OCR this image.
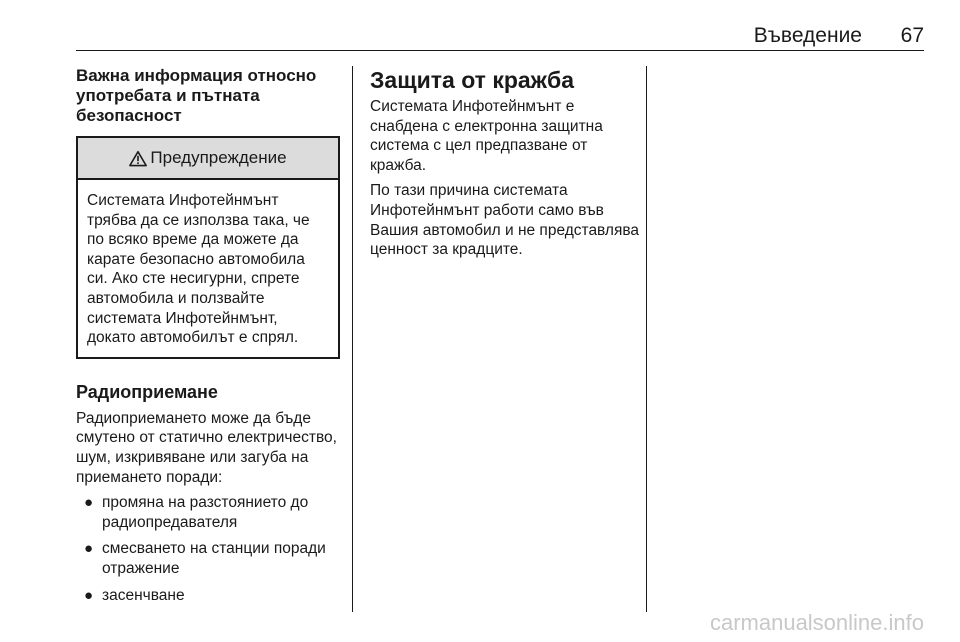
Въведение 67
Важна информация относно употребата и пътната безопасност
Предупреждение
Системата Инфотейнмънт трябва да се използва така, че по всяко време да можете да карате безопасно автомобила си. Ако сте несигурни, спрете автомобила и ползвайте системата Инфотейнмънт, докато автомобилът е спрял.
Радиоприемане

Радиоприемането може да бъде смутено от статично електричество, шум, изкривяване или загуба на приемането поради:

● промяна на разстоянието до радиопредавателя
● смесването на станции поради отражение
● засенчване
Защита от кражба

Системата Инфотейнмънт е снабдена с електронна защитна система с цел предпазване от кражба.

По тази причина системата Инфотейнмънт работи само във Вашия автомобил и не представлява ценност за крадците.

carmanualsonline.info
